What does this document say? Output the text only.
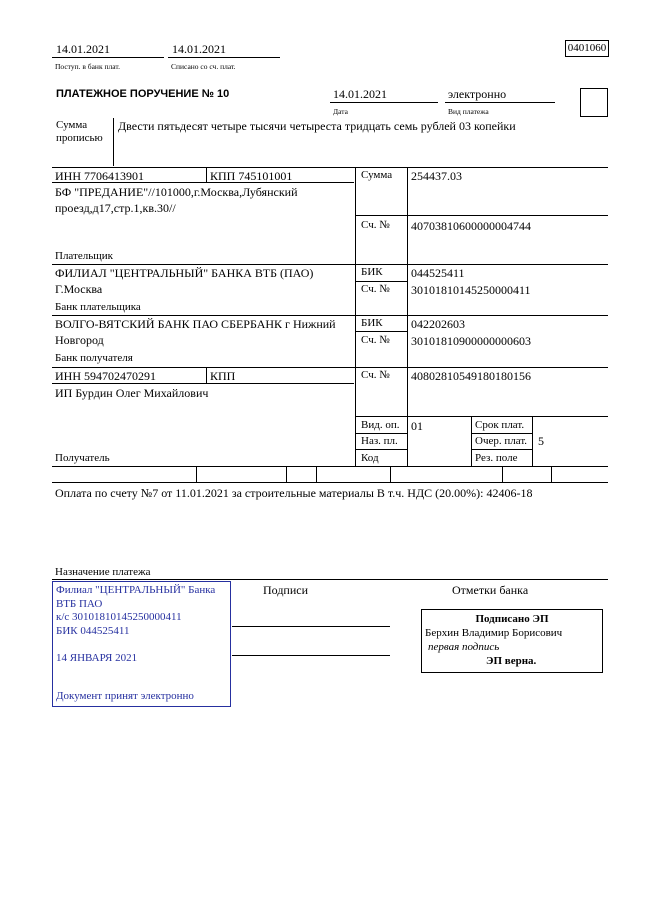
14.01.2021
Поступ. в банк плат.
14.01.2021
Списано со сч. плат.
0401060
ПЛАТЕЖНОЕ ПОРУЧЕНИЕ № 10	14.01.2021
Дата
электронно
Вид платежа
Сумма
прописью
Двести пятьдесят четыре тысячи четыреста тридцать семь рублей 03 копейки
ИНН 7706413901	КПП 745101001
БФ "ПРЕДАНИЕ"//101000,г.Москва,Лубянский
проезд,д17,стр.1,кв.30//
Плательщик
Сумма 254437.03
Сч. № 40703810600000004744
ФИЛИАЛ "ЦЕНТРАЛЬНЫЙ" БАНКА ВТБ (ПАО)
Г.Москва
Банк плательщика
БИК 044525411
Сч. № 30101810145250000411
ВОЛГО-ВЯТСКИЙ БАНК ПАО СБЕРБАНК г Нижний
Новгород
Банк получателя
БИК 042202603
Сч. № 30101810900000000603
ИНН 594702470291	КПП
ИП Бурдин Олег Михайлович
Получатель
Сч. № 40802810549180180156
Вид. оп. 01
Наз. пл.
Код
Срок плат.
Очер. плат. 5
Рез. поле
Оплата по счету №7 от 11.01.2021 за строительные материалы В т.ч. НДС (20.00%): 42406-18
Назначение платежа
Филиал "ЦЕНТРАЛЬНЫЙ" Банка
ВТБ ПАО
к/с 30101810145250000411
БИК 044525411
14 ЯНВАРЯ 2021
Документ принят электронно
Подписи	Отметки банка
Подписано ЭП
Берхин Владимир Борисович
первая подпись
ЭП верна.
